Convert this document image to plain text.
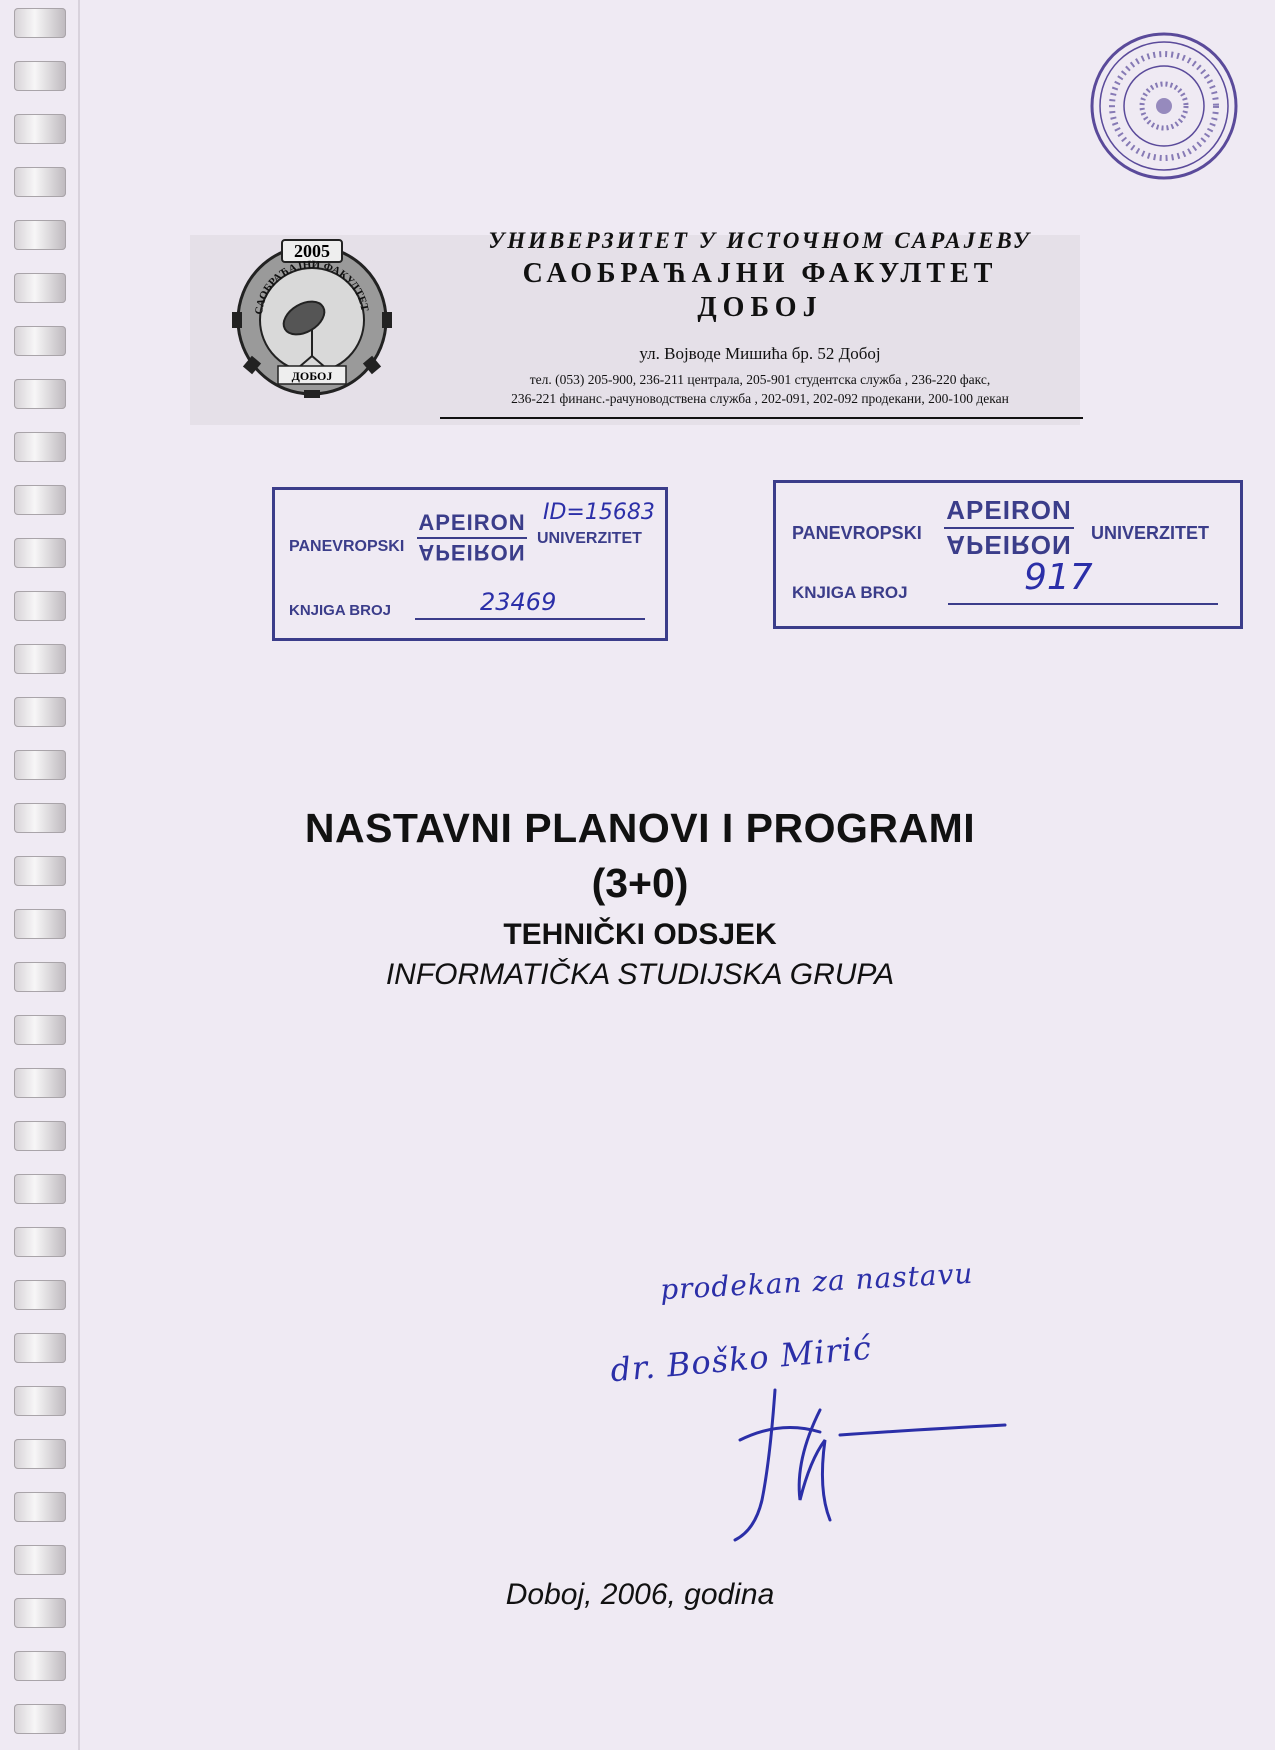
2005
САОБРАЋАЈНИ ФАКУЛТЕТ
ДОБОЈ
УНИВЕРЗИТЕТ У ИСТОЧНОМ САРАЈЕВУ
САОБРАЋАЈНИ ФАКУЛТЕТ
ДОБОЈ
ул. Војводе Мишића бр. 52 Добој
тел. (053) 205-900, 236-211 централа, 205-901 студентска служба , 236-220 факс,
236-221 финанс.-рачуноводствена служба , 202-091, 202-092 продекани, 200-100 декан
PANEVROPSKI
APEIRON
APEIRON
UNIVERZITET
ID=15683
KNJIGA BROJ	23469
PANEVROPSKI
APEIRON
APEIRON UNIVERZITET
KNJIGA BROJ	917
NASTAVNI PLANOVI I PROGRAMI
(3+0)
TEHNIČKI ODSJEK
INFORMATIČKA STUDIJSKA GRUPA
prodekan za nastavu
dr. Boško Mirić
Doboj, 2006, godina
